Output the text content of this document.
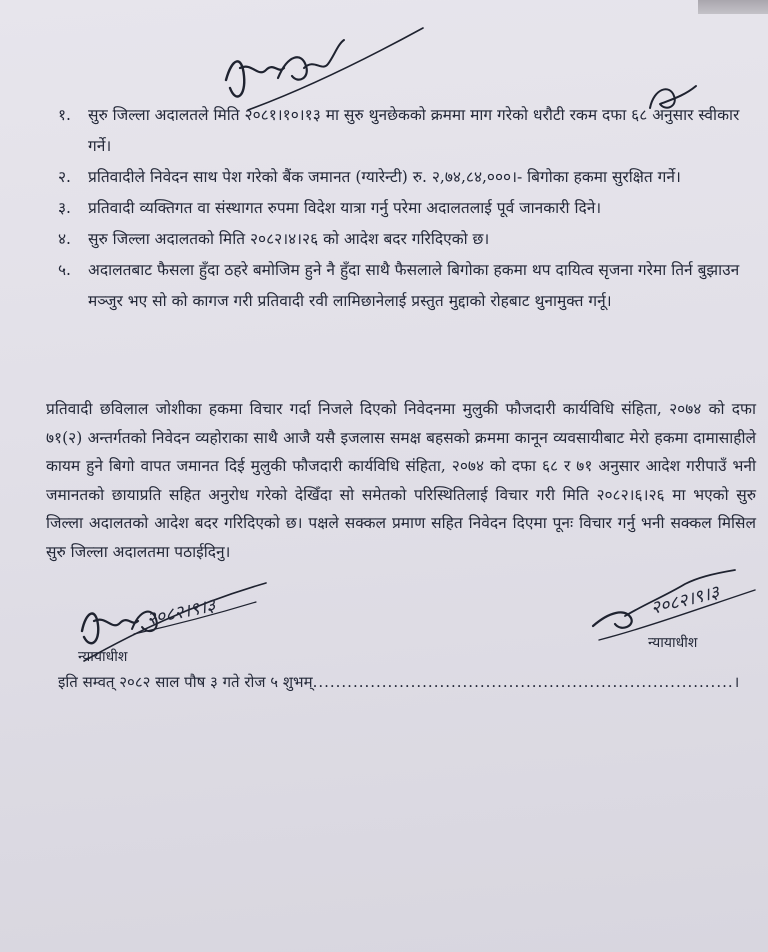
१.	सुरु जिल्ला अदालतले मिति २०८१।१०।१३ मा सुरु थुनछेकको क्रममा माग गरेको धरौटी रकम दफा ६८ अनुसार स्वीकार गर्ने।
२.	प्रतिवादीले निवेदन साथ पेश गरेको बैंक जमानत (ग्यारेन्टी) रु. २,७४,८४,०००।- बिगोका हकमा सुरक्षित गर्ने।
३.	प्रतिवादी व्यक्तिगत वा संस्थागत रुपमा विदेश यात्रा गर्नु परेमा अदालतलाई पूर्व जानकारी दिने।
४.	सुरु जिल्ला अदालतको मिति २०८२।४।२६ को आदेश बदर गरिदिएको छ।
५.	अदालतबाट फैसला हुँदा ठहरे बमोजिम हुने नै हुँदा साथै फैसलाले बिगोका हकमा थप दायित्व सृजना गरेमा तिर्न बुझाउन मञ्जुर भए सो को कागज गरी प्रतिवादी रवी लामिछानेलाई प्रस्तुत मुद्दाको रोहबाट थुनामुक्त गर्नू।

प्रतिवादी छविलाल जोशीका हकमा विचार गर्दा निजले दिएको निवेदनमा मुलुकी फौजदारी कार्यविधि संहिता, २०७४ को दफा ७१(२) अन्तर्गतको निवेदन व्यहोराका साथै आजै यसै इजलास समक्ष बहसको क्रममा कानून व्यवसायीबाट मेरो हकमा दामासाहीले कायम हुने बिगो वापत जमानत दिई मुलुकी फौजदारी कार्यविधि संहिता, २०७४ को दफा ६८ र ७१ अनुसार आदेश गरीपाउँ भनी जमानतको छायाप्रति सहित अनुरोध गरेको देखिँदा सो समेतको परिस्थितिलाई विचार गरी मिति २०८२।६।२६ मा भएको सुरु जिल्ला अदालतको आदेश बदर गरिदिएको छ। पक्षले सक्कल प्रमाण सहित निवेदन दिएमा पूनः विचार गर्नु भनी सक्कल मिसिल सुरु जिल्ला अदालतमा पठाईदिनु।

२०८२।९।३
न्यायाधीश
२०८२।९।३
न्यायाधीश
इति सम्वत् २०८२ साल पौष ३ गते रोज ५ शुभम्.........................................................................।
